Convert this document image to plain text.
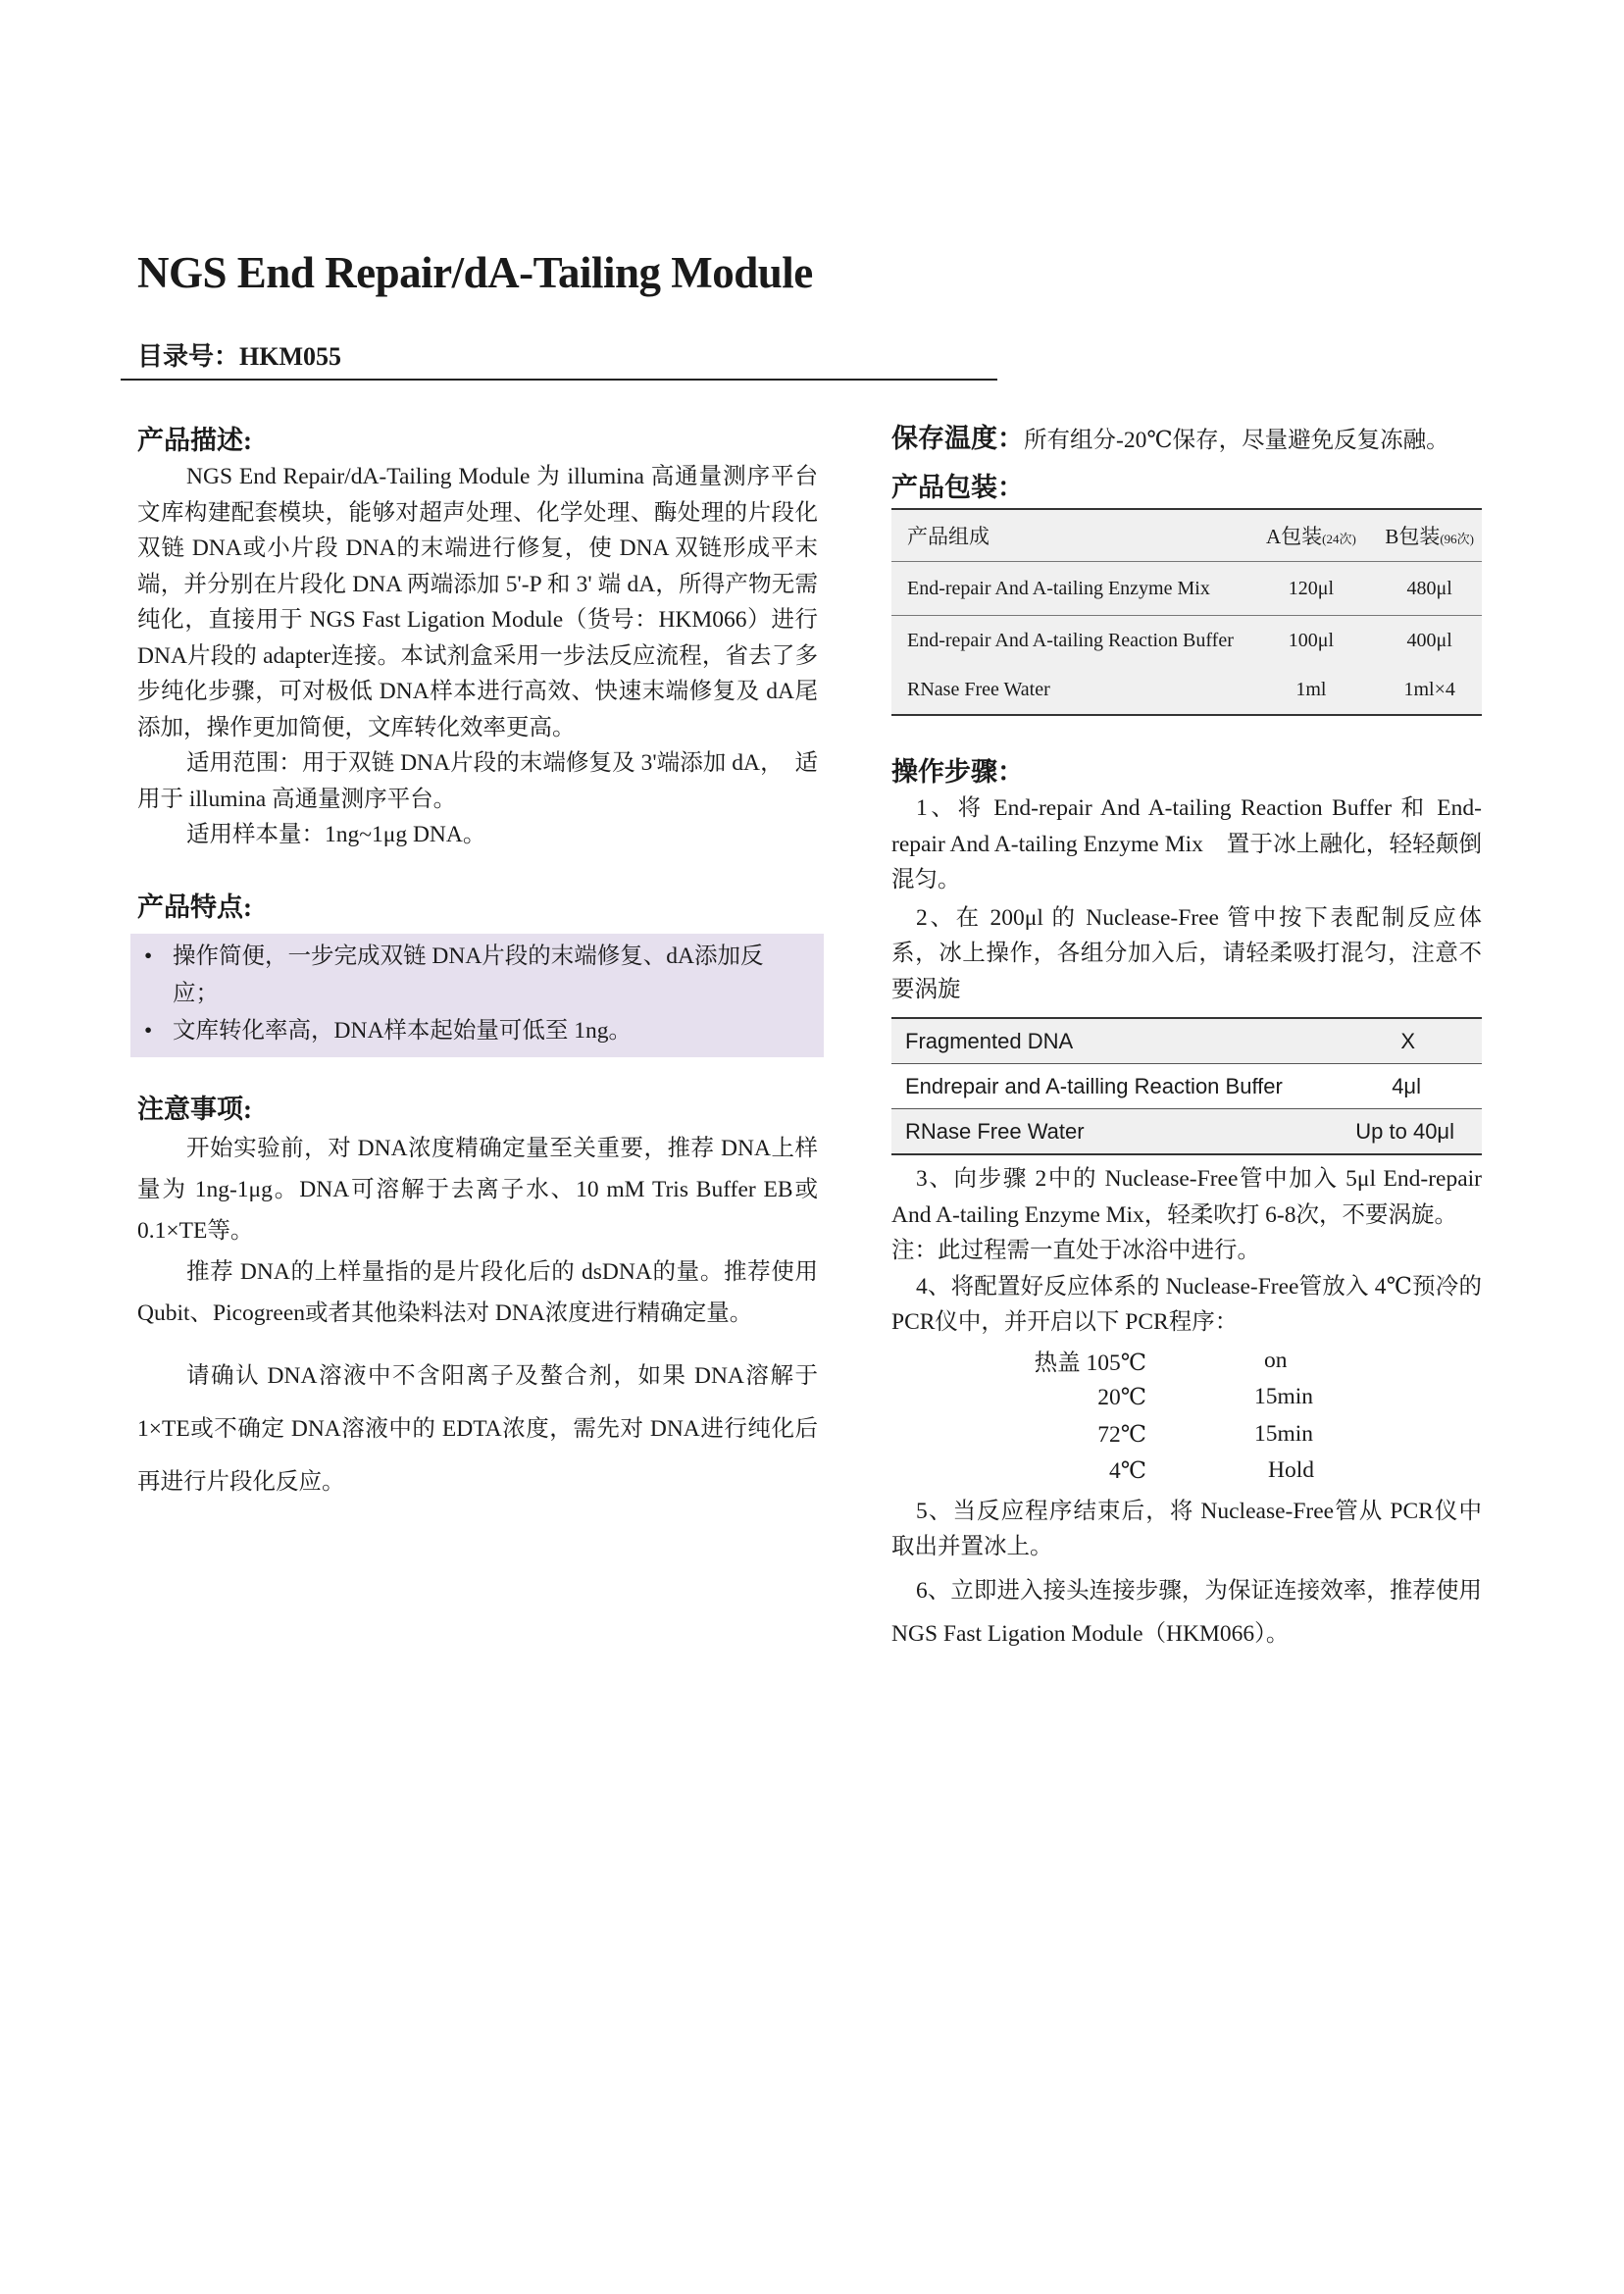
NGS End Repair/dA-Tailing Module
目录号：HKM055
产品描述:

NGS End Repair/dA-Tailing Module 为 illumina 高通量测序平台文库构建配套模块，能够对超声处理、化学处理、酶处理的片段化双链 DNA或小片段 DNA的末端进行修复，使 DNA 双链形成平末端，并分别在片段化 DNA 两端添加 5'-P 和 3' 端 dA，所得产物无需纯化，直接用于 NGS Fast Ligation Module（货号：HKM066）进行 DNA片段的 adapter连接。本试剂盒采用一步法反应流程，省去了多步纯化步骤，可对极低 DNA样本进行高效、快速末端修复及 dA尾添加，操作更加简便，文库转化效率更高。

适用范围：用于双链 DNA片段的末端修复及 3'端添加 dA，　适用于 illumina 高通量测序平台。

适用样本量：1ng~1μg DNA。

产品特点:
• 操作简便，一步完成双链 DNA片段的末端修复、dA添加反 应；
• 文库转化率高，DNA样本起始量可低至 1ng。
注意事项:

开始实验前，对 DNA浓度精确定量至关重要，推荐 DNA上样量为 1ng-1μg。DNA可溶解于去离子水、10 mM Tris Buffer EB或 0.1×TE等。

推荐 DNA的上样量指的是片段化后的 dsDNA的量。推荐使用 Qubit、Picogreen或者其他染料法对 DNA浓度进行精确定量。

请确认 DNA溶液中不含阳离子及螯合剂，如果 DNA溶解于 1×TE或不确定 DNA溶液中的 EDTA浓度，需先对 DNA进行纯化后再进行片段化反应。

保存温度：所有组分-20℃保存，尽量避免反复冻融。
产品包装：
产品组成	A包装(24次)	B包装(96次)
End-repair And A-tailing Enzyme Mix	120μl	480μl
End-repair And A-tailing Reaction Buffer	100μl	400μl
RNase Free Water	1ml	1ml×4
操作步骤：

1、将 End-repair And A-tailing Reaction Buffer 和 End-repair And A-tailing Enzyme Mix　置于冰上融化，轻轻颠倒混匀。

2、在 200μl 的 Nuclease-Free 管中按下表配制反应体系，冰上操作，各组分加入后，请轻柔吸打混匀，注意不要涡旋

Fragmented DNA	X
Endrepair and A-tailling Reaction Buffer	4μl
RNase Free Water	Up to 40μl

3、向步骤 2中的 Nuclease-Free管中加入 5μl End-repair And A-tailing Enzyme Mix，轻柔吹打 6-8次，不要涡旋。

注：此过程需一直处于冰浴中进行。

4、将配置好反应体系的 Nuclease-Free管放入 4℃预冷的 PCR仪中，并开启以下 PCR程序：

热盖 105℃	on
20℃	15min
72℃	15min
4℃	Hold

5、当反应程序结束后，将 Nuclease-Free管从 PCR仪中取出并置冰上。

6、立即进入接头连接步骤，为保证连接效率，推荐使用 NGS Fast Ligation Module（HKM066）。
